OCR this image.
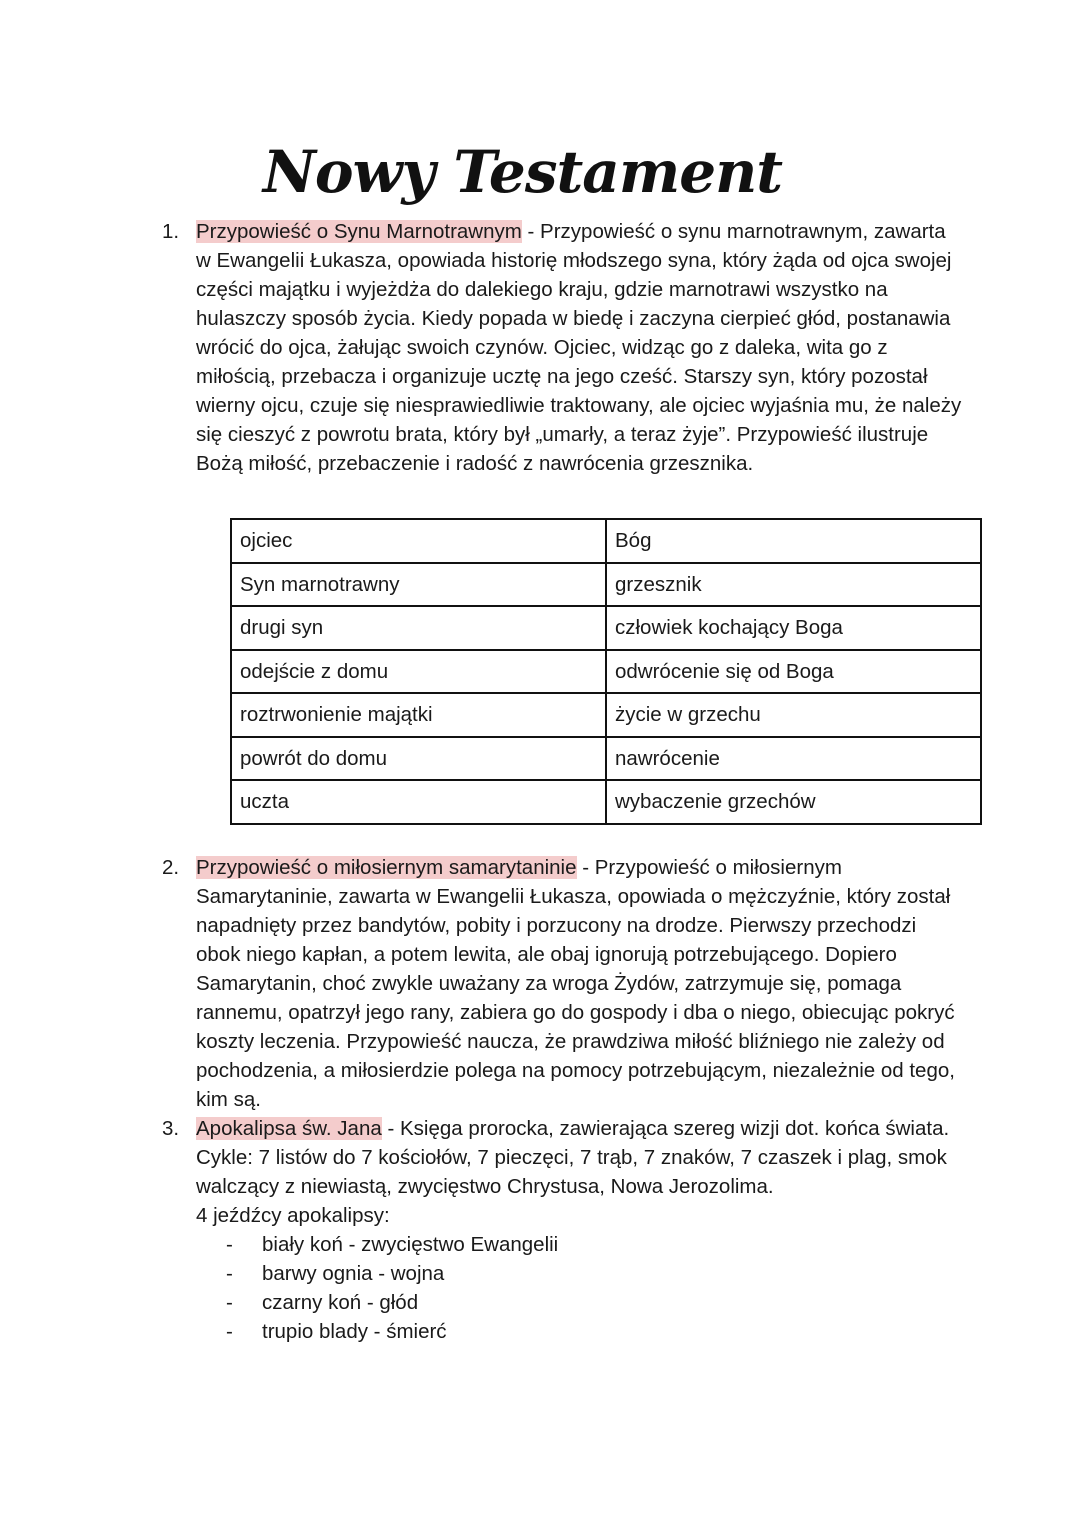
Nowy Testament
1. Przypowieść o Synu Marnotrawnym - Przypowieść o synu marnotrawnym, zawarta w Ewangelii Łukasza, opowiada historię młodszego syna, który żąda od ojca swojej części majątku i wyjeżdża do dalekiego kraju, gdzie marnotrawi wszystko na hulaszczy sposób życia. Kiedy popada w biedę i zaczyna cierpieć głód, postanawia wrócić do ojca, żałując swoich czynów. Ojciec, widząc go z daleka, wita go z miłością, przebacza i organizuje ucztę na jego cześć. Starszy syn, który pozostał wierny ojcu, czuje się niesprawiedliwie traktowany, ale ojciec wyjaśnia mu, że należy się cieszyć z powrotu brata, który był „umarły, a teraz żyje”. Przypowieść ilustruje Bożą miłość, przebaczenie i radość z nawrócenia grzesznika.
ojciec	Bóg
Syn marnotrawny	grzesznik
drugi syn	człowiek kochający Boga
odejście z domu	odwrócenie się od Boga
roztrwonienie majątki	życie w grzechu
powrót do domu	nawrócenie
uczta	wybaczenie grzechów
2. Przypowieść o miłosiernym samarytaninie - Przypowieść o miłosiernym Samarytaninie, zawarta w Ewangelii Łukasza, opowiada o mężczyźnie, który został napadnięty przez bandytów, pobity i porzucony na drodze. Pierwszy przechodzi obok niego kapłan, a potem lewita, ale obaj ignorują potrzebującego. Dopiero Samarytanin, choć zwykle uważany za wroga Żydów, zatrzymuje się, pomaga rannemu, opatrzył jego rany, zabiera go do gospody i dba o niego, obiecując pokryć koszty leczenia. Przypowieść naucza, że prawdziwa miłość bliźniego nie zależy od pochodzenia, a miłosierdzie polega na pomocy potrzebującym, niezależnie od tego, kim są.
3. Apokalipsa św. Jana - Księga prorocka, zawierająca szereg wizji dot. końca świata. Cykle: 7 listów do 7 kościołów, 7 pieczęci, 7 trąb, 7 znaków, 7 czaszek i plag, smok walczący z niewiastą, zwycięstwo Chrystusa, Nowa Jerozolima.
4 jeźdźcy apokalipsy:
- biały koń - zwycięstwo Ewangelii
- barwy ognia - wojna
- czarny koń - głód
- trupio blady - śmierć
